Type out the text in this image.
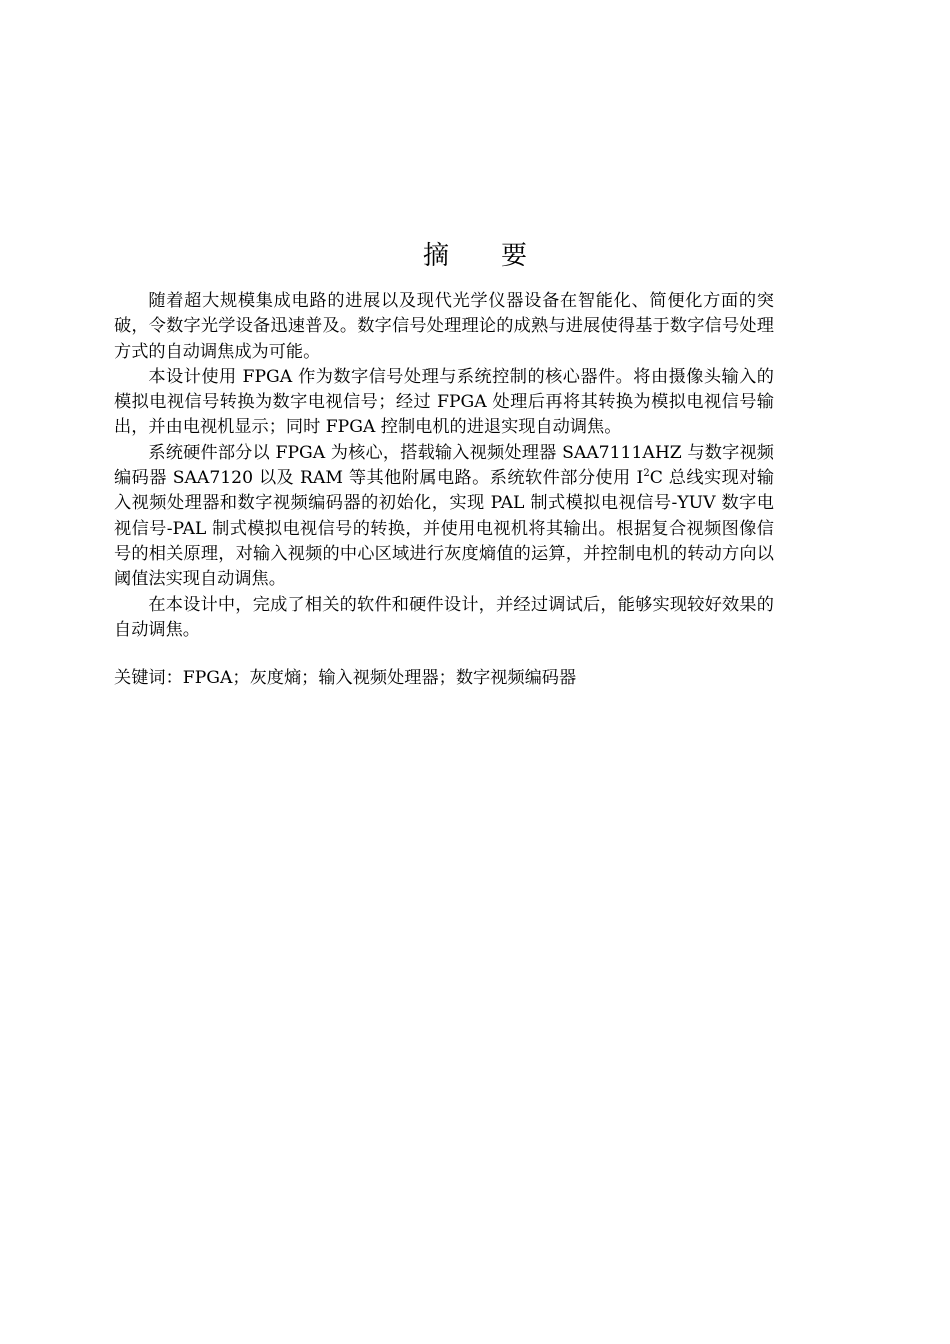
摘 要

随着超大规模集成电路的进展以及现代光学仪器设备在智能化、简便化方面的突破，令数字光学设备迅速普及。数字信号处理理论的成熟与进展使得基于数字信号处理方式的自动调焦成为可能。

本设计使用 FPGA 作为数字信号处理与系统控制的核心器件。将由摄像头输入的模拟电视信号转换为数字电视信号；经过 FPGA 处理后再将其转换为模拟电视信号输出，并由电视机显示；同时 FPGA 控制电机的进退实现自动调焦。

系统硬件部分以 FPGA 为核心，搭载输入视频处理器 SAA7111AHZ 与数字视频编码器 SAA7120 以及 RAM 等其他附属电路。系统软件部分使用 $I^2C$ 总线实现对输入视频处理器和数字视频编码器的初始化，实现 PAL 制式模拟电视信号-YUV 数字电视信号-PAL 制式模拟电视信号的转换，并使用电视机将其输出。根据复合视频图像信号的相关原理，对输入视频的中心区域进行灰度熵值的运算，并控制电机的转动方向以阈值法实现自动调焦。

在本设计中，完成了相关的软件和硬件设计，并经过调试后，能够实现较好效果的自动调焦。

关键词：FPGA；灰度熵；输入视频处理器；数字视频编码器
